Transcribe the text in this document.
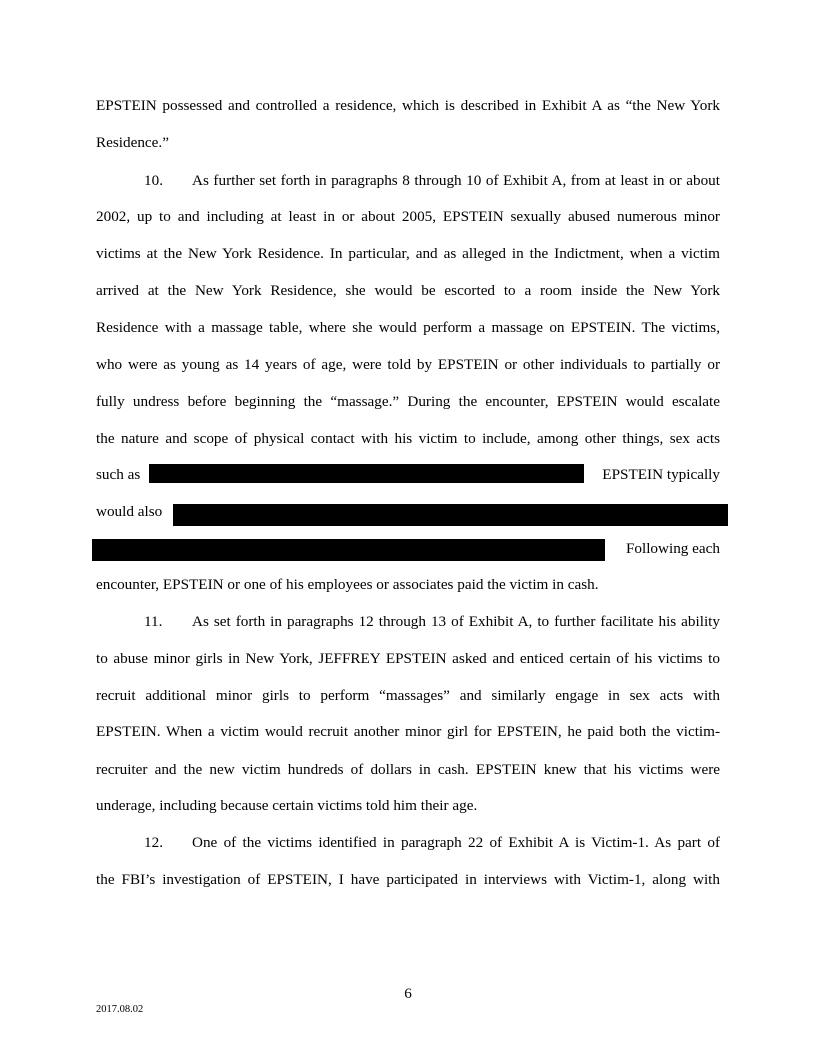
EPSTEIN possessed and controlled a residence, which is described in Exhibit A as “the New York
Residence.”
10. As further set forth in paragraphs 8 through 10 of Exhibit A, from at least in or about
2002, up to and including at least in or about 2005, EPSTEIN sexually abused numerous minor
victims at the New York Residence. In particular, and as alleged in the Indictment, when a victim
arrived at the New York Residence, she would be escorted to a room inside the New York
Residence with a massage table, where she would perform a massage on EPSTEIN. The victims,
who were as young as 14 years of age, were told by EPSTEIN or other individuals to partially or
fully undress before beginning the “massage.” During the encounter, EPSTEIN would escalate
the nature and scope of physical contact with his victim to include, among other things, sex acts
such as	EPSTEIN typically
would also
Following each
encounter, EPSTEIN or one of his employees or associates paid the victim in cash.
11. As set forth in paragraphs 12 through 13 of Exhibit A, to further facilitate his ability
to abuse minor girls in New York, JEFFREY EPSTEIN asked and enticed certain of his victims to
recruit additional minor girls to perform “massages” and similarly engage in sex acts with
EPSTEIN. When a victim would recruit another minor girl for EPSTEIN, he paid both the victim-
recruiter and the new victim hundreds of dollars in cash. EPSTEIN knew that his victims were
underage, including because certain victims told him their age.
12. One of the victims identified in paragraph 22 of Exhibit A is Victim-1. As part of
the FBI’s investigation of EPSTEIN, I have participated in interviews with Victim-1, along with
6
2017.08.02
